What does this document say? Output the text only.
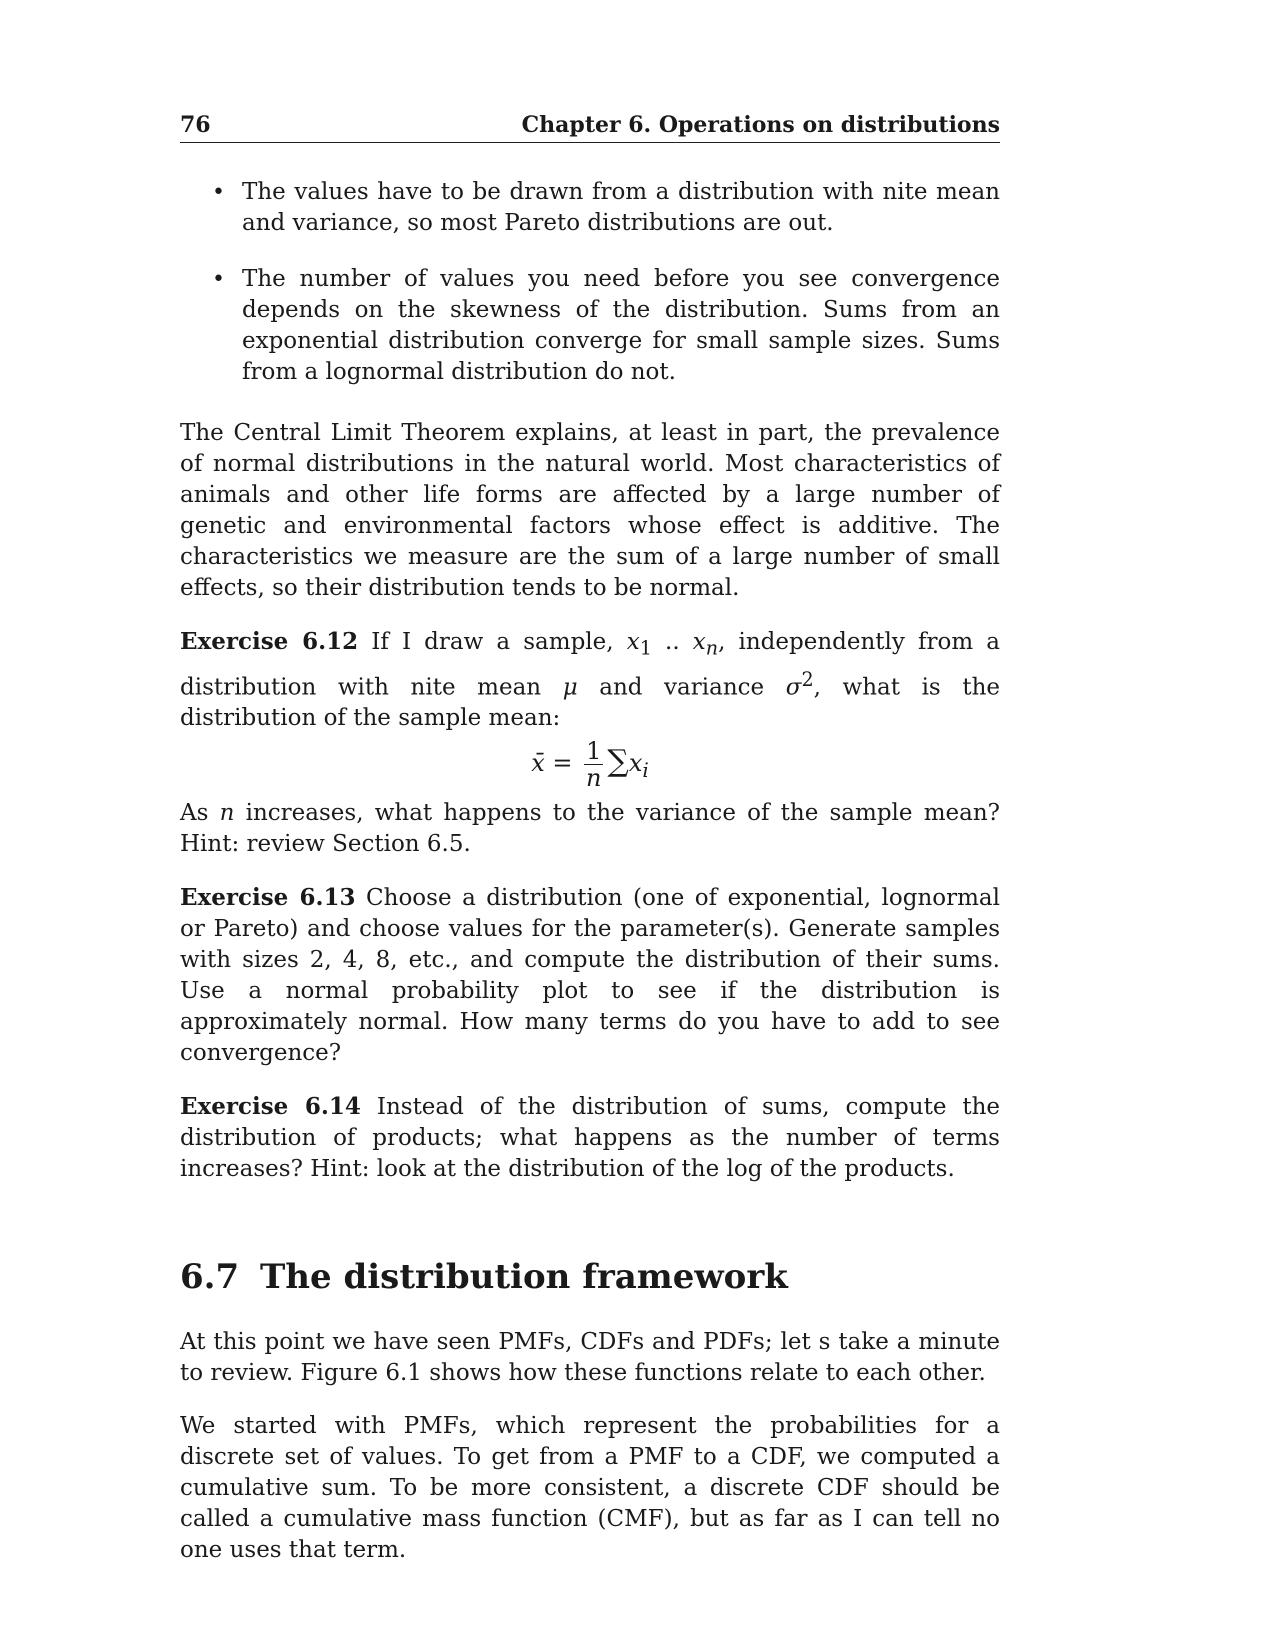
76	Chapter 6. Operations on distributions
• The values have to be drawn from a distribution with nite mean and variance, so most Pareto distributions are out.
• The number of values you need before you see convergence depends on the skewness of the distribution. Sums from an exponential distribution converge for small sample sizes. Sums from a lognormal distribution do not.

The Central Limit Theorem explains, at least in part, the prevalence of normal distributions in the natural world. Most characteristics of animals and other life forms are affected by a large number of genetic and environmental factors whose effect is additive. The characteristics we measure are the sum of a large number of small effects, so their distribution tends to be normal.

Exercise 6.12 If I draw a sample, $x_1$ .. $x_n$, independently from a distribution with nite mean μ and variance $\sigma^2$, what is the distribution of the sample mean:

x̄ = $\frac{1}{n} \sum x_i$

As n increases, what happens to the variance of the sample mean? Hint: review Section 6.5.

Exercise 6.13 Choose a distribution (one of exponential, lognormal or Pareto) and choose values for the parameter(s). Generate samples with sizes 2, 4, 8, etc., and compute the distribution of their sums. Use a normal probability plot to see if the distribution is approximately normal. How many terms do you have to add to see convergence?

Exercise 6.14 Instead of the distribution of sums, compute the distribution of products; what happens as the number of terms increases? Hint: look at the distribution of the log of the products.

6.7 The distribution framework

At this point we have seen PMFs, CDFs and PDFs; let s take a minute to review. Figure 6.1 shows how these functions relate to each other.

We started with PMFs, which represent the probabilities for a discrete set of values. To get from a PMF to a CDF, we computed a cumulative sum. To be more consistent, a discrete CDF should be called a cumulative mass function (CMF), but as far as I can tell no one uses that term.
